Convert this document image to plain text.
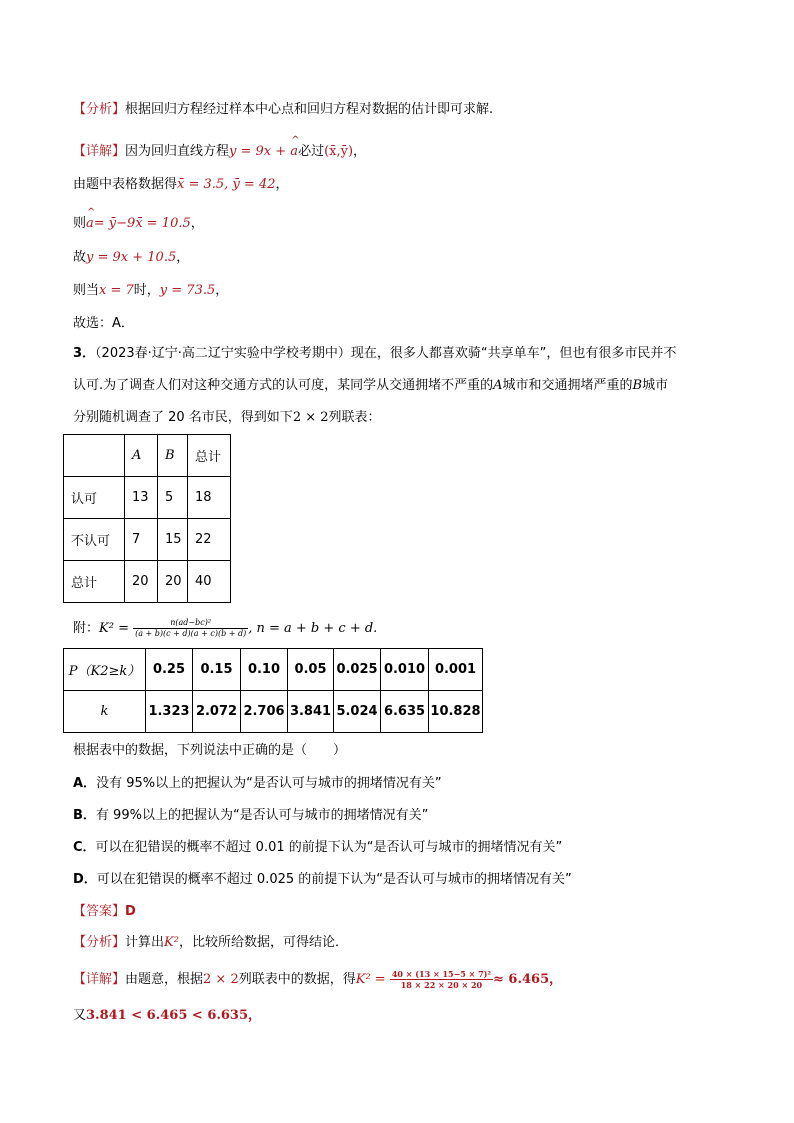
【分析】根据回归方程经过样本中心点和回归方程对数据的估计即可求解.
【详解】因为回归直线方程y = 9x + ^ a必过(x̄,ȳ)，
由题中表格数据得x̄ = 3.5, ȳ = 42，
则^ a= ȳ−9x̄ = 10.5，
故y = 9x + 10.5，
则当x = 7时，y = 73.5，
故选：A．
3．（2023春·辽宁·高二辽宁实验中学校考期中）现在，很多人都喜欢骑“共享单车”，但也有很多市民并不
认可.为了调查人们对这种交通方式的认可度，某同学从交通拥堵不严重的A城市和交通拥堵严重的B城市
分别随机调查了 20 名市民，得到如下2 × 2列联表：
	A	B	总计
认可	13	5	18
不认可	7	15	22
总计	20	20	40
附：$K^2 = \frac{\text{n(ad−bc)²}}{(a + b)(c + d)(a + c)(b + d)}$ , n = a + b + c + d.
P（K2≥k）	0.25	0.15	0.10	0.05	0.025	0.010	0.001
k	1.323	2.072	2.706	3.841	5.024	6.635	10.828
根据表中的数据，下列说法中正确的是（　　）
A．没有 95%以上的把握认为“是否认可与城市的拥堵情况有关”
B．有 99%以上的把握认为“是否认可与城市的拥堵情况有关”
C．可以在犯错误的概率不超过 0.01 的前提下认为“是否认可与城市的拥堵情况有关”
D．可以在犯错误的概率不超过 0.025 的前提下认为“是否认可与城市的拥堵情况有关”
【答案】D
【分析】计算出K²，比较所给数据，可得结论．
【详解】由题意，根据2 × 2列联表中的数据，得$K^2 = \frac{\text{40 × (13 × 15−5 × 7)²}}{18 \times 22 \times 20 \times 20} \approx 6.465$，
又3.841 < 6.465 < 6.635，
